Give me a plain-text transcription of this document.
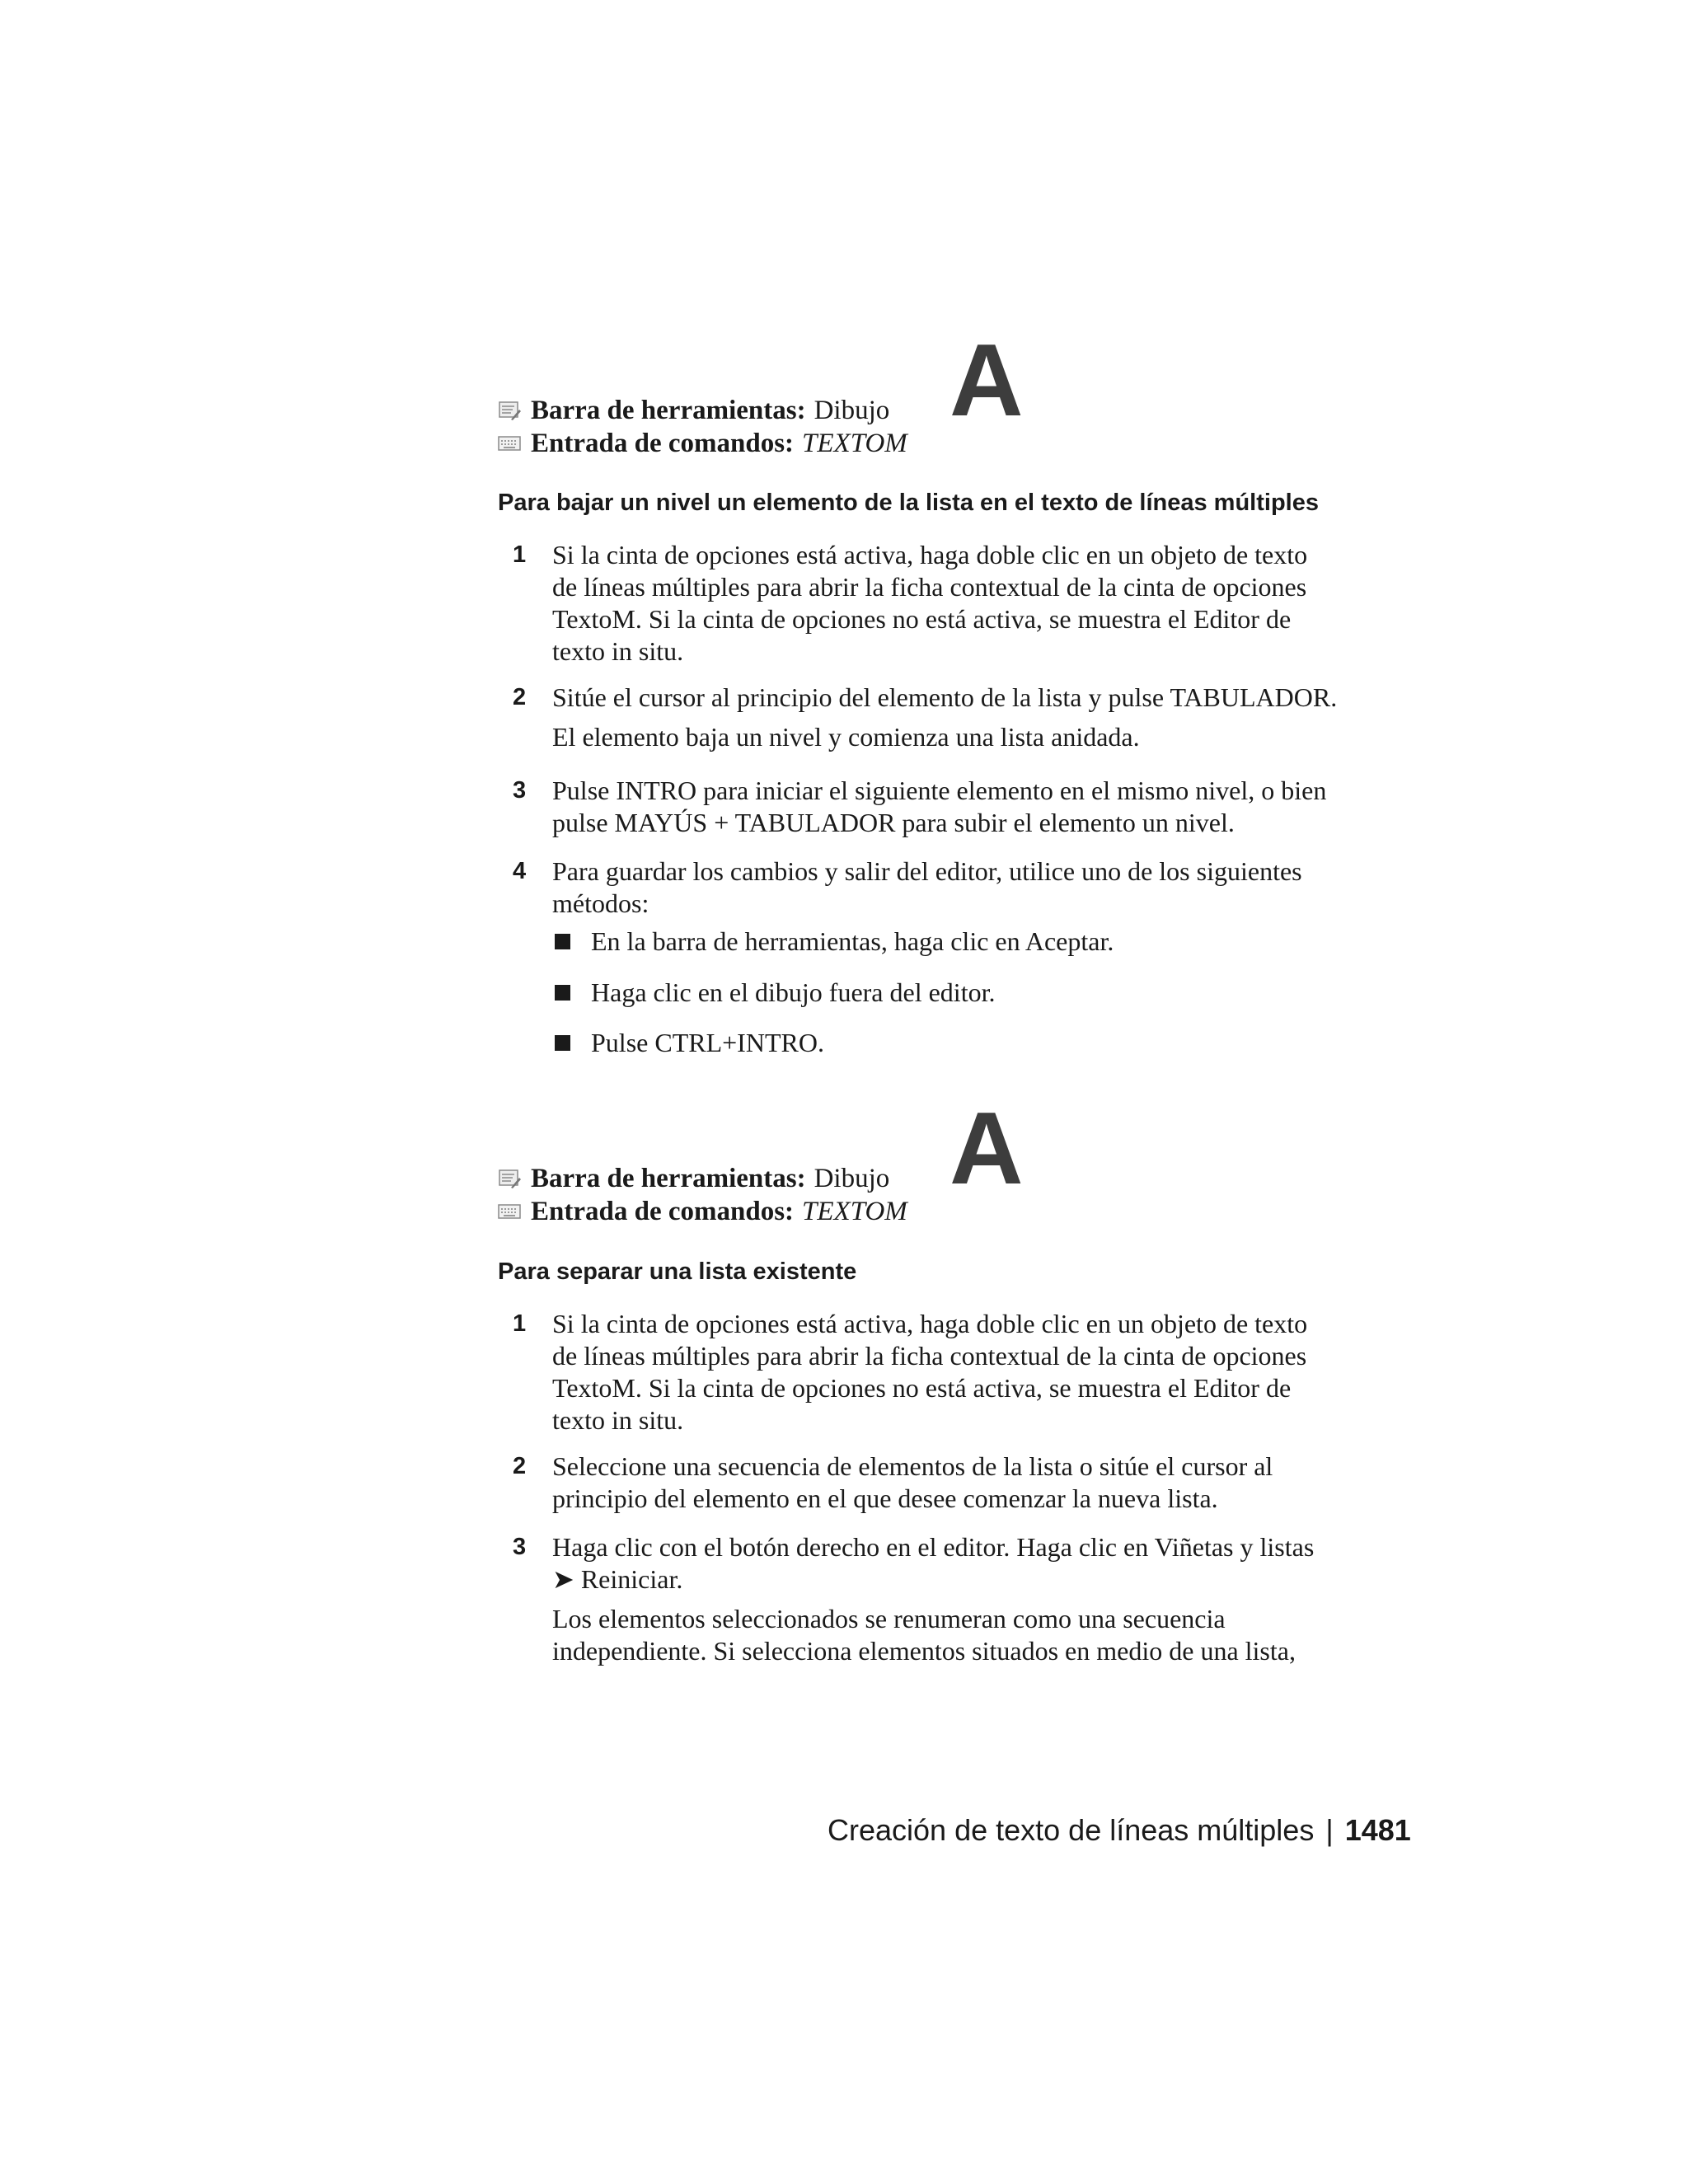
Barra de herramientas: Dibujo
Entrada de comandos: TEXTOM
A
Para bajar un nivel un elemento de la lista en el texto de líneas múltiples
1 Si la cinta de opciones está activa, haga doble clic en un objeto de texto
de líneas múltiples para abrir la ficha contextual de la cinta de opciones
TextoM. Si la cinta de opciones no está activa, se muestra el Editor de
texto in situ.
2 Sitúe el cursor al principio del elemento de la lista y pulse TABULADOR.
El elemento baja un nivel y comienza una lista anidada.
3 Pulse INTRO para iniciar el siguiente elemento en el mismo nivel, o bien
pulse MAYÚS + TABULADOR para subir el elemento un nivel.
4 Para guardar los cambios y salir del editor, utilice uno de los siguientes
métodos:
En la barra de herramientas, haga clic en Aceptar.
Haga clic en el dibujo fuera del editor.
Pulse CTRL+INTRO.
Barra de herramientas: Dibujo
Entrada de comandos: TEXTOM
A
Para separar una lista existente
1 Si la cinta de opciones está activa, haga doble clic en un objeto de texto
de líneas múltiples para abrir la ficha contextual de la cinta de opciones
TextoM. Si la cinta de opciones no está activa, se muestra el Editor de
texto in situ.
2 Seleccione una secuencia de elementos de la lista o sitúe el cursor al
principio del elemento en el que desee comenzar la nueva lista.
3 Haga clic con el botón derecho en el editor. Haga clic en Viñetas y listas
➤ Reiniciar.
Los elementos seleccionados se renumeran como una secuencia
independiente. Si selecciona elementos situados en medio de una lista,
Creación de texto de líneas múltiples | 1481
